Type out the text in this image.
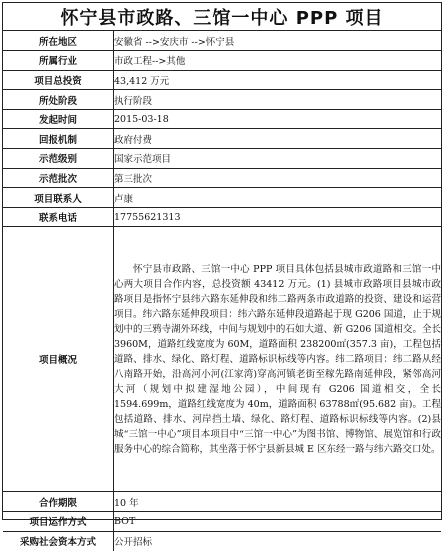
怀宁县市政路、三馆一中心 PPP 项目
所在地区	安徽省 -->安庆市 -->怀宁县
所属行业	市政工程-->其他
项目总投资	43,412 万元
所处阶段	执行阶段
发起时间	2015-03-18
回报机制	政府付费
示范级别	国家示范项目
示范批次	第三批次
项目联系人	卢康
联系电话	17755621313
项目概况	怀宁县市政路、三馆一中心 PPP 项目具体包括县城市政道路和三馆一中心两大项目合作内容，总投资额 43412 万元。(1) 县城市政路项目县城市政路项目是指怀宁县纬六路东延伸段和纬二路两条市政道路的投资、建设和运营项目。纬六路东延伸段项目：纬六路东延伸段道路起于现 G206 国道，止于规划中的三鸦寺湖外环线，中间与规划中的石如大道、新 G206 国道相交。全长 3960M，道路红线宽度为 60M，道路面积 238200㎡(357.3 亩)，工程包括道路、排水、绿化、路灯程、道路标识标线等内容。纬二路项目：纬二路从经八南路开始，沿高河小河(江家湾)穿高河镇老街至稼先路南延伸段，紧邻高河大河（规划中拟建湿地公园），中间现有 G206 国道相交，全长 1594.699m，道路红线宽度为 40m，道路面积 63788㎡(95.682 亩)。工程包括道路、排水、河岸挡土墙、绿化、路灯程、道路标识标线等内容。(2)县城“三馆一中心”项目本项目中“三馆一中心”为图书馆、博物馆、展览馆和行政服务中心的综合简称，其坐落于怀宁县新县城 E 区东经一路与纬六路交口处。

合作期限	10 年
项目运作方式	BOT
采购社会资本方式	公开招标
